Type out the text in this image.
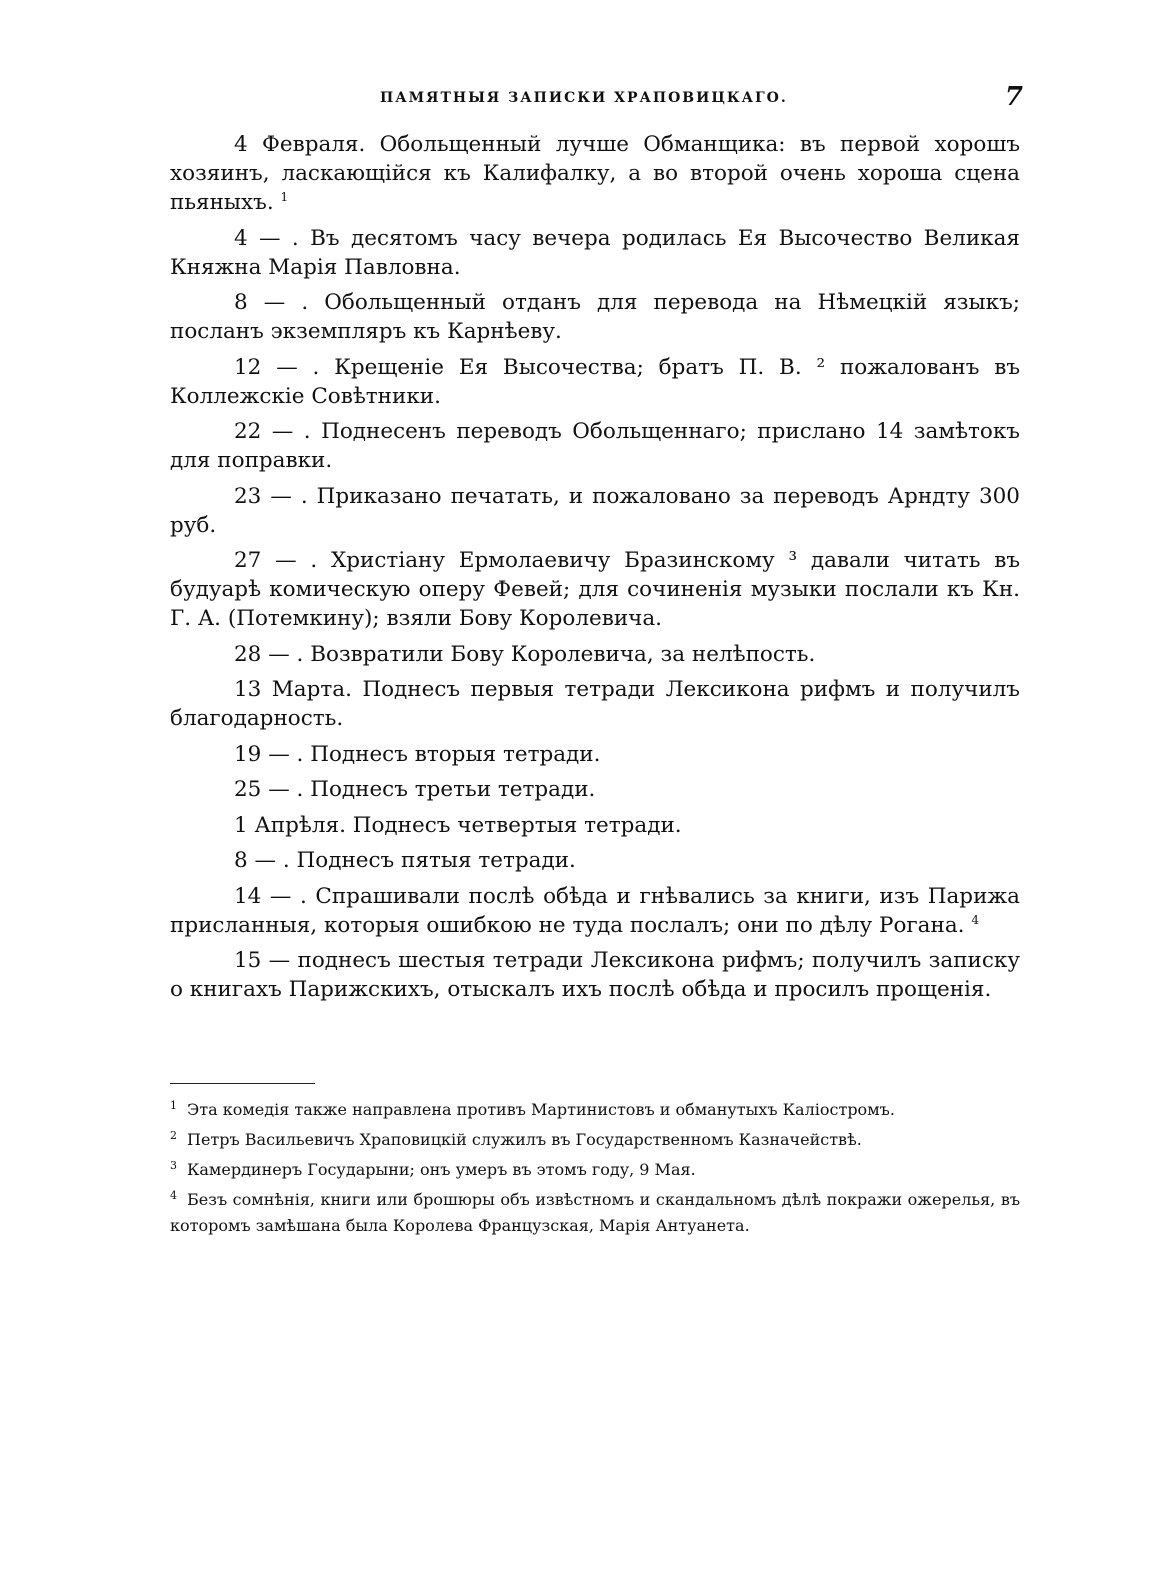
ПАМЯТНЫЯ ЗАПИСКИ ХРАПОВИЦКАГО.	7

4 Февраля. Обольщенный лучше Обманщика: въ первой хорошъ хозяинъ, ласкающійся къ Калифалку, а во второй очень хороша сцена пьяныхъ. $^1$

4 — . Въ десятомъ часу вечера родилась Ея Высочество Великая Княжна Марія Павловна.

8 — . Обольщенный отданъ для перевода на Нѣмецкій языкъ; посланъ экземпляръ къ Карнѣеву.

12 — . Крещеніе Ея Высочества; братъ П. В. ² пожалованъ въ Коллежскіе Совѣтники.

22 — . Поднесенъ переводъ Обольщеннаго; прислано 14 замѣтокъ для поправки.

23 — . Приказано печатать, и пожаловано за переводъ Арндту 300 руб.

27 — . Христіану Ермолаевичу Бразинскому ³ давали читать въ будуарѣ комическую оперу Февей; для сочиненія музыки послали къ Кн. Г. А. (Потемкину); взяли Бову Королевича.

28 — . Возвратили Бову Королевича, за нелѣпость.

13 Марта. Поднесъ первыя тетради Лексикона рифмъ и получилъ благодарность.

19 — . Поднесъ вторыя тетради.

25 — . Поднесъ третьи тетради.

1 Апрѣля. Поднесъ четвертыя тетради.

8 — . Поднесъ пятыя тетради.

14 — . Спрашивали послѣ обѣда и гнѣвались за книги, изъ Парижа присланныя, которыя ошибкою не туда послалъ; они по дѣлу Рогана. $^4$

15 — поднесъ шестыя тетради Лексикона рифмъ; получилъ записку о книгахъ Парижскихъ, отыскалъ ихъ послѣ обѣда и просилъ прощенія.

$^1$ Эта комедія также направлена противъ Мартинистовъ и обманутыхъ Каліостромъ.

$^2$ Петръ Васильевичъ Храповицкій служилъ въ Государственномъ Казначействѣ.

$^3$ Камердинеръ Государыни; онъ умеръ въ этомъ году, 9 Мая.

$^4$ Безъ сомнѣнія, книги или брошюры объ извѣстномъ и скандальномъ дѣлѣ покражи ожерелья, въ которомъ замѣшана была Королева Французская, Марія Антуанета.
